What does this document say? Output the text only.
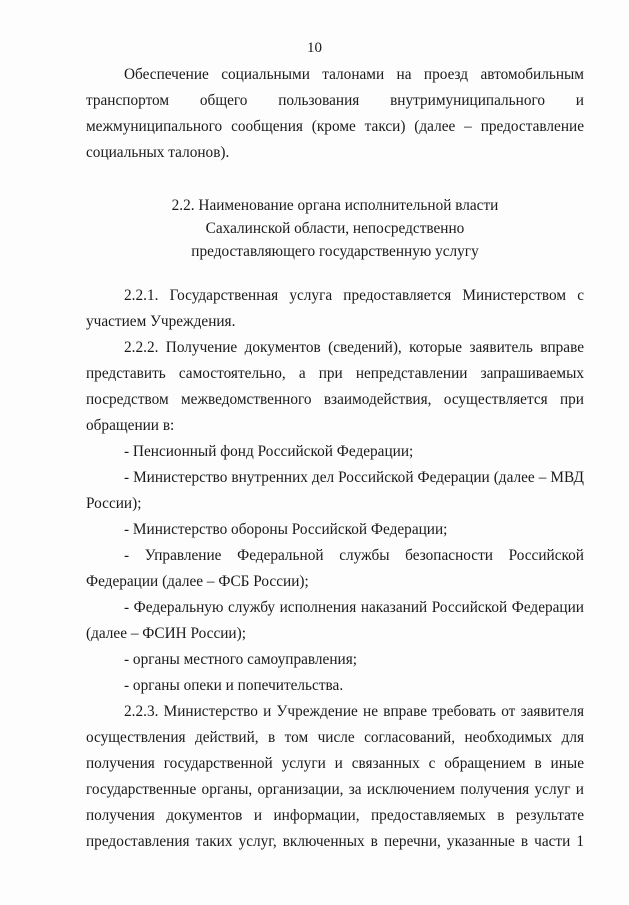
10
Обеспечение социальными талонами на проезд автомобильным
транспортом общего пользования внутримуниципального и
межмуниципального сообщения (кроме такси) (далее – предоставление
социальных талонов).
2.2. Наименование органа исполнительной власти
Сахалинской области, непосредственно
предоставляющего государственную услугу
2.2.1. Государственная услуга предоставляется Министерством с
участием Учреждения.
2.2.2. Получение документов (сведений), которые заявитель вправе
представить самостоятельно, а при непредставлении запрашиваемых
посредством межведомственного взаимодействия, осуществляется при
обращении в:
- Пенсионный фонд Российской Федерации;
- Министерство внутренних дел Российской Федерации (далее – МВД
России);
- Министерство обороны Российской Федерации;
- Управление Федеральной службы безопасности Российской
Федерации (далее – ФСБ России);
- Федеральную службу исполнения наказаний Российской Федерации
(далее – ФСИН России);
- органы местного самоуправления;
- органы опеки и попечительства.
2.2.3. Министерство и Учреждение не вправе требовать от заявителя
осуществления действий, в том числе согласований, необходимых для
получения государственной услуги и связанных с обращением в иные
государственные органы, организации, за исключением получения услуг и
получения документов и информации, предоставляемых в результате
предоставления таких услуг, включенных в перечни, указанные в части 1
